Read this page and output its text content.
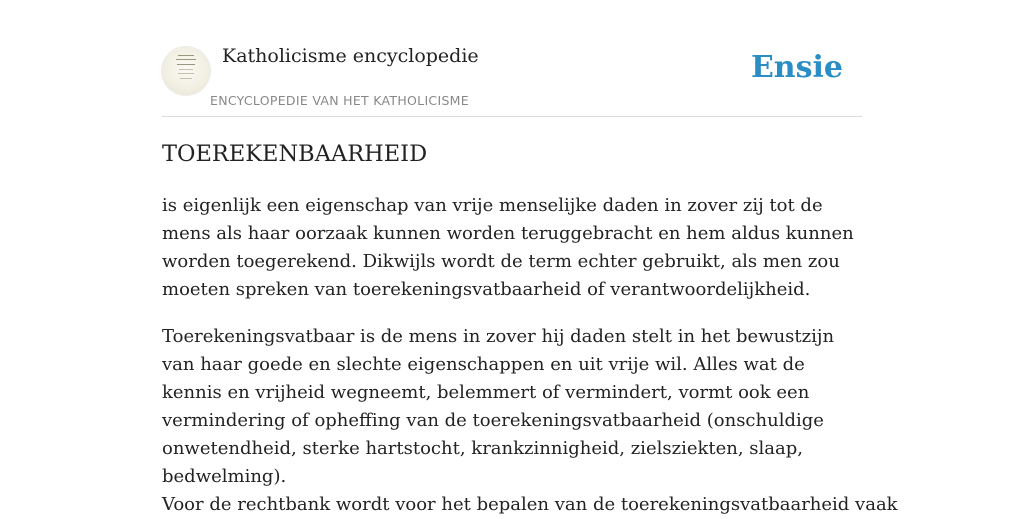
Katholicisme encyclopedie
ENCYCLOPEDIE VAN HET KATHOLICISME
Ensie
TOEREKENBAARHEID

is eigenlijk een eigenschap van vrije menselijke daden in zover zij tot de mens als haar oorzaak kunnen worden teruggebracht en hem aldus kunnen worden toegerekend. Dikwijls wordt de term echter gebruikt, als men zou moeten spreken van toerekeningsvatbaarheid of verantwoordelijkheid.

Toerekeningsvatbaar is de mens in zover hij daden stelt in het bewustzijn van haar goede en slechte eigenschappen en uit vrije wil. Alles wat de kennis en vrijheid wegneemt, belemmert of vermindert, vormt ook een vermindering of opheffing van de toerekeningsvatbaarheid (onschuldige onwetendheid, sterke hartstocht, krankzinnigheid, zielsziekten, slaap, bedwelming).

Voor de rechtbank wordt voor het bepalen van de toerekeningsvatbaarheid vaak
